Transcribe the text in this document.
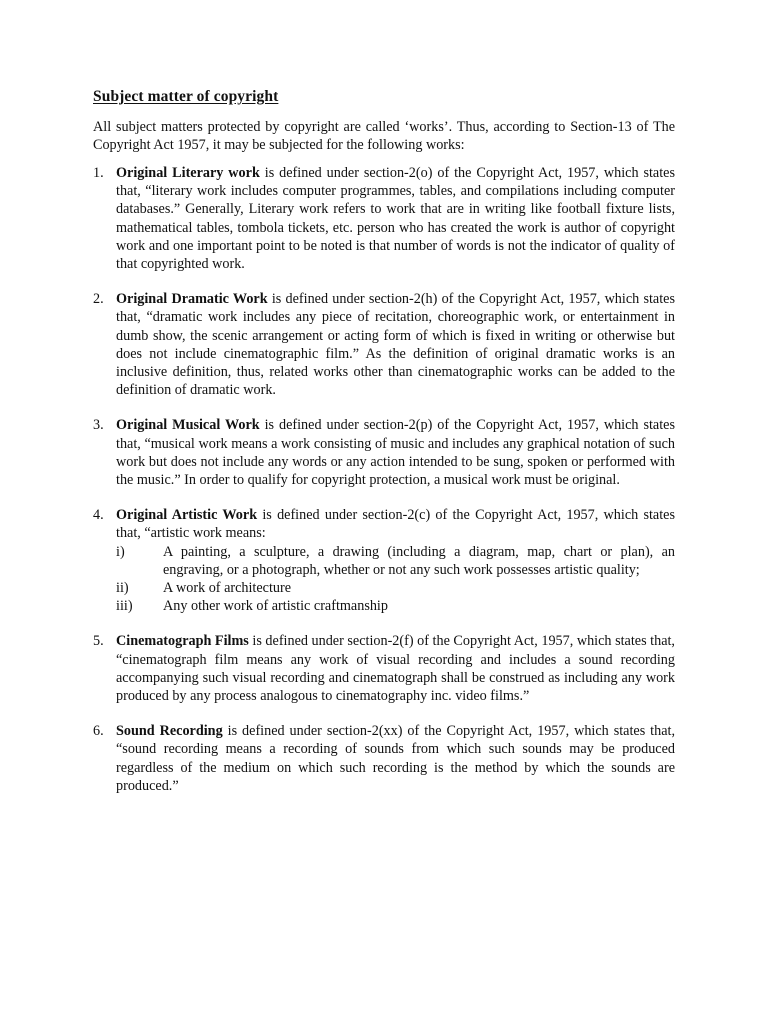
Subject matter of copyright
All subject matters protected by copyright are called ‘works’. Thus, according to Section-13 of The Copyright Act 1957, it may be subjected for the following works:
1. Original Literary work is defined under section-2(o) of the Copyright Act, 1957, which states that, “literary work includes computer programmes, tables, and compilations including computer databases.” Generally, Literary work refers to work that are in writing like football fixture lists, mathematical tables, tombola tickets, etc. person who has created the work is author of copyright work and one important point to be noted is that number of words is not the indicator of quality of that copyrighted work.
2. Original Dramatic Work is defined under section-2(h) of the Copyright Act, 1957, which states that, “dramatic work includes any piece of recitation, choreographic work, or entertainment in dumb show, the scenic arrangement or acting form of which is fixed in writing or otherwise but does not include cinematographic film.” As the definition of original dramatic works is an inclusive definition, thus, related works other than cinematographic works can be added to the definition of dramatic work.
3. Original Musical Work is defined under section-2(p) of the Copyright Act, 1957, which states that, “musical work means a work consisting of music and includes any graphical notation of such work but does not include any words or any action intended to be sung, spoken or performed with the music.” In order to qualify for copyright protection, a musical work must be original.
4. Original Artistic Work is defined under section-2(c) of the Copyright Act, 1957, which states that, “artistic work means:
i)	A painting, a sculpture, a drawing (including a diagram, map, chart or plan), an engraving, or a photograph, whether or not any such work possesses artistic quality;
ii) A work of architecture
iii) Any other work of artistic craftmanship
5. Cinematograph Films is defined under section-2(f) of the Copyright Act, 1957, which states that, “cinematograph film means any work of visual recording and includes a sound recording accompanying such visual recording and cinematograph shall be construed as including any work produced by any process analogous to cinematography inc. video films.”
6. Sound Recording is defined under section-2(xx) of the Copyright Act, 1957, which states that, “sound recording means a recording of sounds from which such sounds may be produced regardless of the medium on which such recording is the method by which the sounds are produced.”
